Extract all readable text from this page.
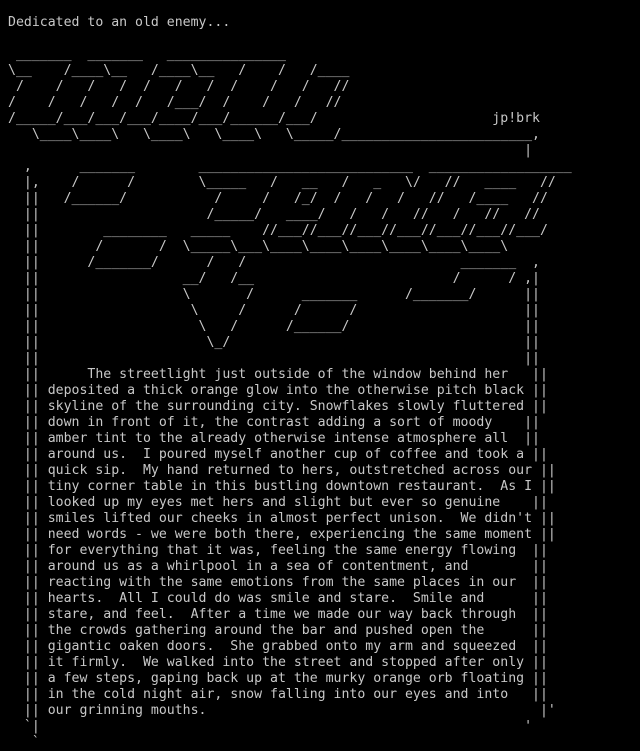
Dedicated to an old enemy...
_______  _______   _______________
\__    /____\__   /____\__   /    /   /____
/    /   /   /  /   /   /  /    /   /   //
/    /   /   /  /   /___/  /    /   /   //
/_____/___/___/___/____/___/______/___/                      jp!brk
\____\____\   \____\   \____\   \_____/________________________,
|
,      _______        ___________________________  __________________
|,    /      /        \_____   /   __   /   _   \/   //   ____   //
||   /______/           /     /   /_/  /   /   /   //   /____   //
||                     /_____/   ____/   /   /   //   /   //   //
||        ________   _____    //___//___//___//___//___//___//___/
||       /       /  \_____\___\____\____\____\____\____\____\
||      /_______/      /   /                           _______  ,
||                  __/   /__                         /      / ,|
||                  \       /      _______      /_______/      ||
||                   \     /      /      /                     ||
||                    \   /      /______/                      ||
||                     \_/                                     ||
||                                                             ||
||      The streetlight just outside of the window behind her   ||
|| deposited a thick orange glow into the otherwise pitch black ||
|| skyline of the surrounding city. Snowflakes slowly fluttered ||
|| down in front of it, the contrast adding a sort of moody    ||
|| amber tint to the already otherwise intense atmosphere all  ||
|| around us.  I poured myself another cup of coffee and took a ||
|| quick sip.  My hand returned to hers, outstretched across our ||
|| tiny corner table in this bustling downtown restaurant.  As I ||
|| looked up my eyes met hers and slight but ever so genuine    ||
|| smiles lifted our cheeks in almost perfect unison.  We didn't ||
|| need words - we were both there, experiencing the same moment ||
|| for everything that it was, feeling the same energy flowing  ||
|| around us as a whirlpool in a sea of contentment, and        ||
|| reacting with the same emotions from the same places in our  ||
|| hearts.  All I could do was smile and stare.  Smile and      ||
|| stare, and feel.  After a time we made our way back through  ||
|| the crowds gathering around the bar and pushed open the      ||
|| gigantic oaken doors.  She grabbed onto my arm and squeezed  ||
|| it firmly.  We walked into the street and stopped after only ||
|| a few steps, gaping back up at the murky orange orb floating ||
|| in the cold night air, snow falling into our eyes and into   ||
|| our grinning mouths.                                          |'
`|                                                             '
`
